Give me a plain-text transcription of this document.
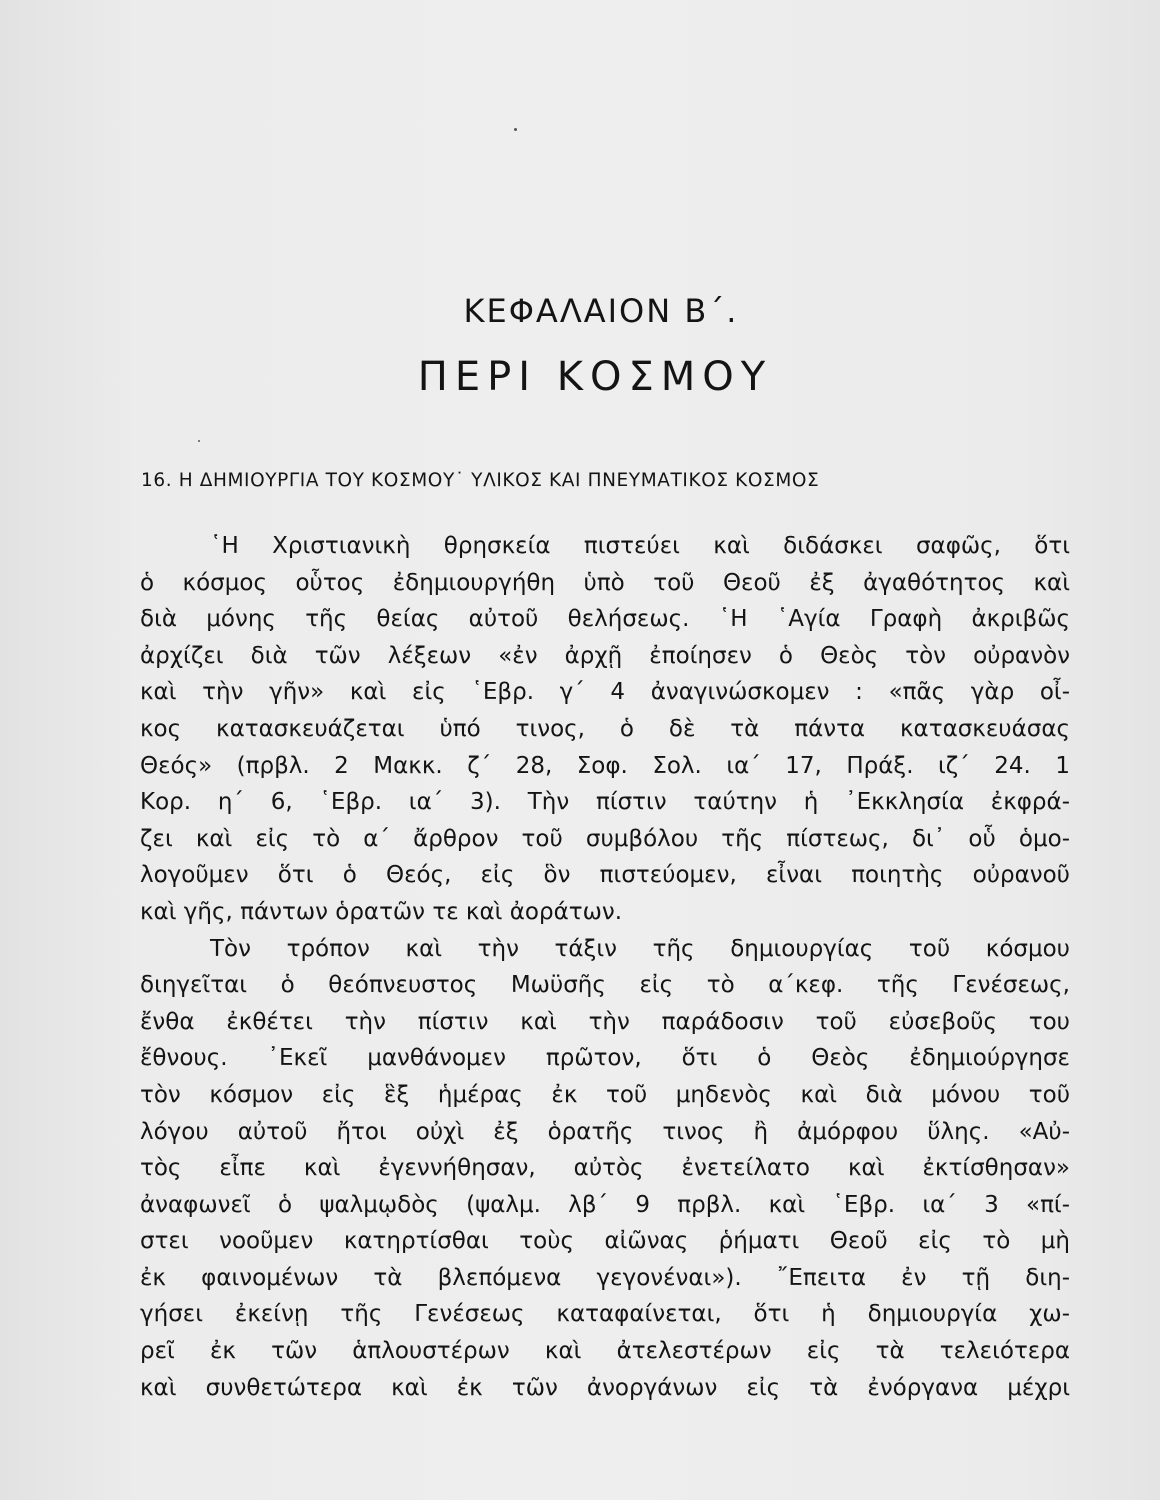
ΚΕΦΑΛΑΙΟΝ Β΄.
ΠΕΡΙ ΚΟΣΜΟΥ
16. Η ΔΗΜΙΟΥΡΓΙΑ ΤΟΥ ΚΟΣΜΟΥ˙ ΥΛΙΚΟΣ ΚΑΙ ΠΝΕΥΜΑΤΙΚΟΣ ΚΟΣΜΟΣ
῾Η Χριστιανικὴ θρησκεία πιστεύει καὶ διδάσκει σαφῶς, ὅτι
ὁ κόσμος οὗτος ἐδημιουργήθη ὑπὸ τοῦ Θεοῦ ἐξ ἀγαθότητος καὶ
διὰ μόνης τῆς θείας αὐτοῦ θελήσεως. ῾Η ῾Αγία Γραφὴ ἀκριβῶς
ἀρχίζει διὰ τῶν λέξεων «ἐν ἀρχῇ ἐποίησεν ὁ Θεὸς τὸν οὐρανὸν
καὶ τὴν γῆν» καὶ εἰς ῾Εβρ. γ΄ 4 ἀναγινώσκομεν : «πᾶς γὰρ οἶ-
κος κατασκευάζεται ὑπό τινος, ὁ δὲ τὰ πάντα κατασκευάσας
Θεός» (πρβλ. 2 Μακκ. ζ΄ 28, Σοφ. Σολ. ια΄ 17, Πράξ. ιζ΄ 24. 1
Κορ. η΄ 6, ῾Εβρ. ια΄ 3). Τὴν πίστιν ταύτην ἡ ᾿Εκκλησία ἐκφρά-
ζει καὶ εἰς τὸ α΄ ἄρθρον τοῦ συμβόλου τῆς πίστεως, δι᾿ οὗ ὁμο-
λογοῦμεν ὅτι ὁ Θεός, εἰς ὃν πιστεύομεν, εἶναι ποιητὴς οὐρανοῦ
καὶ γῆς, πάντων ὁρατῶν τε καὶ ἀοράτων.
Τὸν τρόπον καὶ τὴν τάξιν τῆς δημιουργίας τοῦ κόσμου
διηγεῖται ὁ θεόπνευστος Μωϋσῆς εἰς τὸ α΄κεφ. τῆς Γενέσεως,
ἔνθα ἐκθέτει τὴν πίστιν καὶ τὴν παράδοσιν τοῦ εὐσεβοῦς του
ἔθνους. ᾿Εκεῖ μανθάνομεν πρῶτον, ὅτι ὁ Θεὸς ἐδημιούργησε
τὸν κόσμον εἰς ἓξ ἡμέρας ἐκ τοῦ μηδενὸς καὶ διὰ μόνου τοῦ
λόγου αὐτοῦ ἤτοι οὐχὶ ἐξ ὁρατῆς τινος ἢ ἀμόρφου ὕλης. «Αὐ-
τὸς εἶπε καὶ ἐγεννήθησαν, αὐτὸς ἐνετείλατο καὶ ἐκτίσθησαν»
ἀναφωνεῖ ὁ ψαλμῳδὸς (ψαλμ. λβ΄ 9 πρβλ. καὶ ῾Εβρ. ια΄ 3 «πί-
στει νοοῦμεν κατηρτίσθαι τοὺς αἰῶνας ῥήματι Θεοῦ εἰς τὸ μὴ
ἐκ φαινομένων τὰ βλεπόμενα γεγονέναι»). ῎Επειτα ἐν τῇ διη-
γήσει ἐκείνῃ τῆς Γενέσεως καταφαίνεται, ὅτι ἡ δημιουργία χω-
ρεῖ ἐκ τῶν ἁπλουστέρων καὶ ἀτελεστέρων εἰς τὰ τελειότερα
καὶ συνθετώτερα καὶ ἐκ τῶν ἀνοργάνων εἰς τὰ ἐνόργανα μέχρι
